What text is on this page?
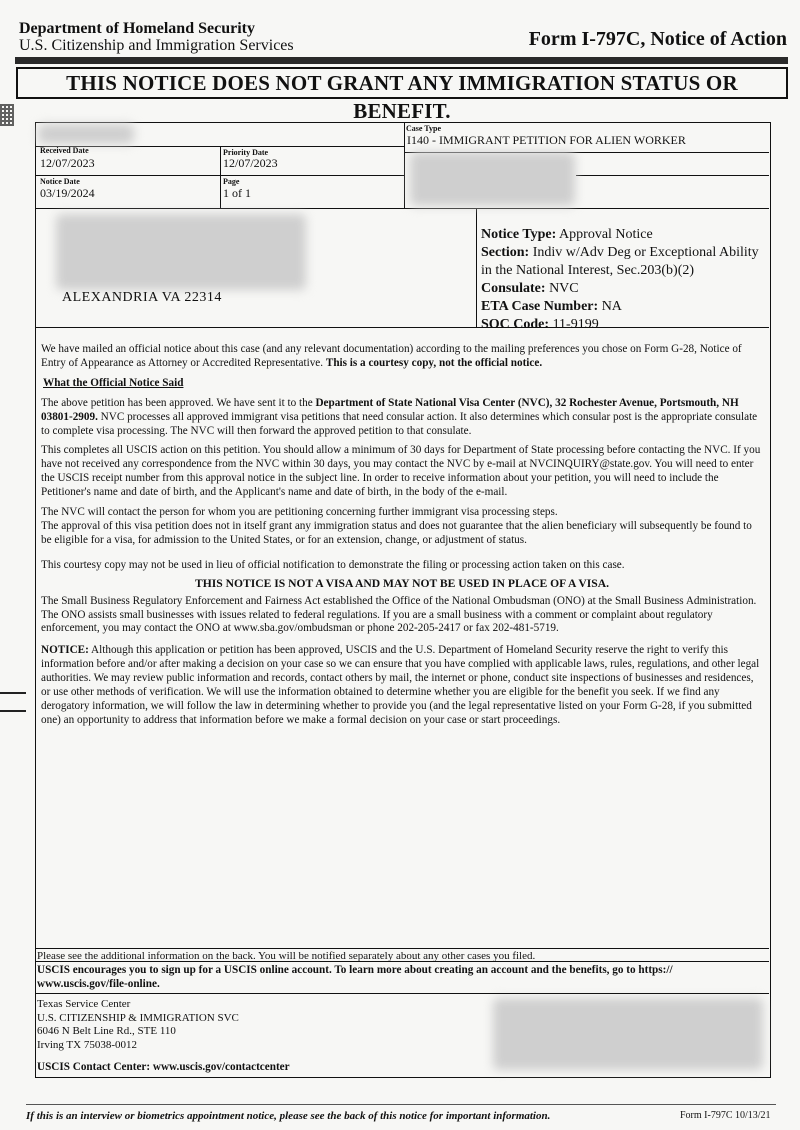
Department of Homeland Security
U.S. Citizenship and Immigration Services	Form I-797C, Notice of Action
THIS NOTICE DOES NOT GRANT ANY IMMIGRATION STATUS OR BENEFIT.
Case Type
I140 - IMMIGRANT PETITION FOR ALIEN WORKER
Received Date
12/07/2023
Priority Date
12/07/2023
Notice Date
03/19/2024
Page
1 of 1
ALEXANDRIA VA 22314
Notice Type: Approval Notice
Section: Indiv w/Adv Deg or Exceptional Ability in the National Interest, Sec.203(b)(2)
Consulate: NVC
ETA Case Number: NA
SOC Code: 11-9199

We have mailed an official notice about this case (and any relevant documentation) according to the mailing preferences you chose on Form G-28, Notice of Entry of Appearance as Attorney or Accredited Representative. This is a courtesy copy, not the official notice.

What the Official Notice Said

The above petition has been approved. We have sent it to the Department of State National Visa Center (NVC), 32 Rochester Avenue, Portsmouth, NH 03801-2909. NVC processes all approved immigrant visa petitions that need consular action. It also determines which consular post is the appropriate consulate to complete visa processing. The NVC will then forward the approved petition to that consulate.

This completes all USCIS action on this petition. You should allow a minimum of 30 days for Department of State processing before contacting the NVC. If you have not received any correspondence from the NVC within 30 days, you may contact the NVC by e-mail at NVCINQUIRY@state.gov. You will need to enter the USCIS receipt number from this approval notice in the subject line. In order to receive information about your petition, you will need to include the Petitioner's name and date of birth, and the Applicant's name and date of birth, in the body of the e-mail.

The NVC will contact the person for whom you are petitioning concerning further immigrant visa processing steps.

The approval of this visa petition does not in itself grant any immigration status and does not guarantee that the alien beneficiary will subsequently be found to be eligible for a visa, for admission to the United States, or for an extension, change, or adjustment of status.

This courtesy copy may not be used in lieu of official notification to demonstrate the filing or processing action taken on this case.

THIS NOTICE IS NOT A VISA AND MAY NOT BE USED IN PLACE OF A VISA.

The Small Business Regulatory Enforcement and Fairness Act established the Office of the National Ombudsman (ONO) at the Small Business Administration. The ONO assists small businesses with issues related to federal regulations. If you are a small business with a comment or complaint about regulatory enforcement, you may contact the ONO at www.sba.gov/ombudsman or phone 202-205-2417 or fax 202-481-5719.

NOTICE: Although this application or petition has been approved, USCIS and the U.S. Department of Homeland Security reserve the right to verify this information before and/or after making a decision on your case so we can ensure that you have complied with applicable laws, rules, regulations, and other legal authorities. We may review public information and records, contact others by mail, the internet or phone, conduct site inspections of businesses and residences, or use other methods of verification. We will use the information obtained to determine whether you are eligible for the benefit you seek. If we find any derogatory information, we will follow the law in determining whether to provide you (and the legal representative listed on your Form G-28, if you submitted one) an opportunity to address that information before we make a formal decision on your case or start proceedings.

Please see the additional information on the back. You will be notified separately about any other cases you filed.
USCIS encourages you to sign up for a USCIS online account. To learn more about creating an account and the benefits, go to https:// www.uscis.gov/file-online.
Texas Service Center
U.S. CITIZENSHIP & IMMIGRATION SVC
6046 N Belt Line Rd., STE 110
Irving TX 75038-0012
USCIS Contact Center: www.uscis.gov/contactcenter
If this is an interview or biometrics appointment notice, please see the back of this notice for important information.	Form I-797C 10/13/21
